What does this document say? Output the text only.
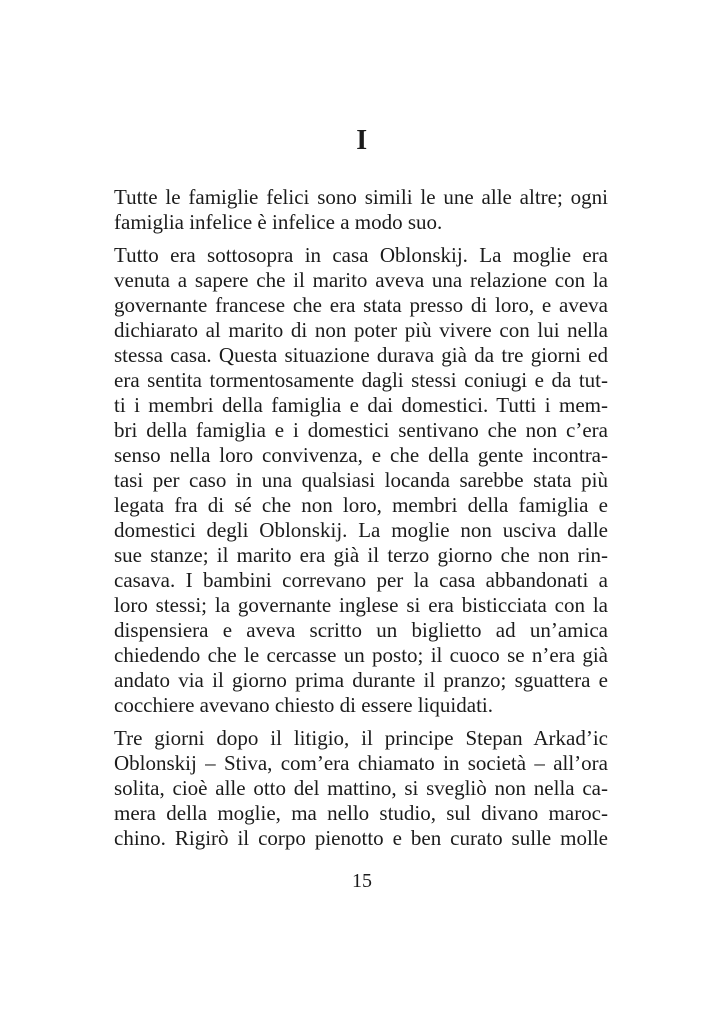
I
Tutte le famiglie felici sono simili le une alle altre; ogni
famiglia infelice è infelice a modo suo.
Tutto era sottosopra in casa Oblonskij. La moglie era
venuta a sapere che il marito aveva una relazione con la
governante francese che era stata presso di loro, e aveva
dichiarato al marito di non poter più vivere con lui nella
stessa casa. Questa situazione durava già da tre giorni ed
era sentita tormentosamente dagli stessi coniugi e da tut-
ti i membri della famiglia e dai domestici. Tutti i mem-
bri della famiglia e i domestici sentivano che non c’era
senso nella loro convivenza, e che della gente incontra-
tasi per caso in una qualsiasi locanda sarebbe stata più
legata fra di sé che non loro, membri della famiglia e
domestici degli Oblonskij. La moglie non usciva dalle
sue stanze; il marito era già il terzo giorno che non rin-
casava. I bambini correvano per la casa abbandonati a
loro stessi; la governante inglese si era bisticciata con la
dispensiera e aveva scritto un biglietto ad un’amica
chiedendo che le cercasse un posto; il cuoco se n’era già
andato via il giorno prima durante il pranzo; sguattera e
cocchiere avevano chiesto di essere liquidati.
Tre giorni dopo il litigio, il principe Stepan Arkad’ic
Oblonskij – Stiva, com’era chiamato in società – all’ora
solita, cioè alle otto del mattino, si svegliò non nella ca-
mera della moglie, ma nello studio, sul divano maroc-
chino. Rigirò il corpo pienotto e ben curato sulle molle
15
